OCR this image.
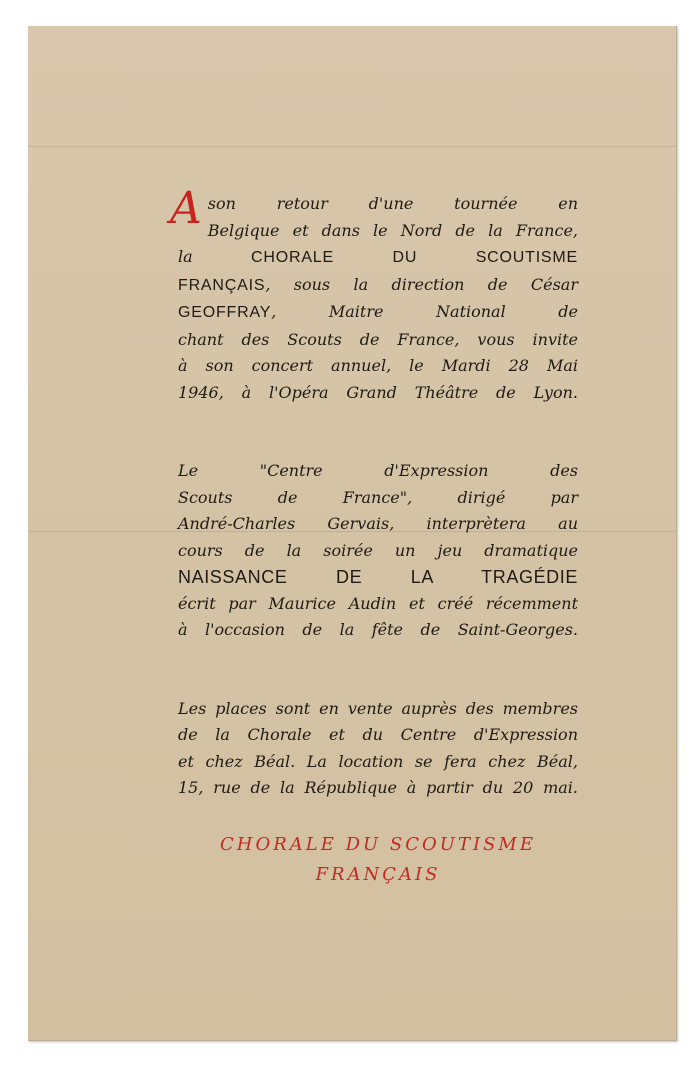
A son retour d'une tournée en
Belgique et dans le Nord de la France,
la CHORALE DU SCOUTISME
FRANÇAIS, sous la direction de César
GEOFFRAY, Maitre National de
chant des Scouts de France, vous invite
à son concert annuel, le Mardi 28 Mai
1946, à l'Opéra Grand Théâtre de Lyon.
Le "Centre d'Expression des
Scouts de France", dirigé par
André-Charles Gervais, interprètera au
cours de la soirée un jeu dramatique
NAISSANCE DE LA TRAGÉDIE
écrit par Maurice Audin et créé récemment
à l'occasion de la fête de Saint-Georges.
Les places sont en vente auprès des membres
de la Chorale et du Centre d'Expression
et chez Béal. La location se fera chez Béal,
15, rue de la République à partir du 20 mai.
CHORALE DU SCOUTISME
FRANÇAIS
